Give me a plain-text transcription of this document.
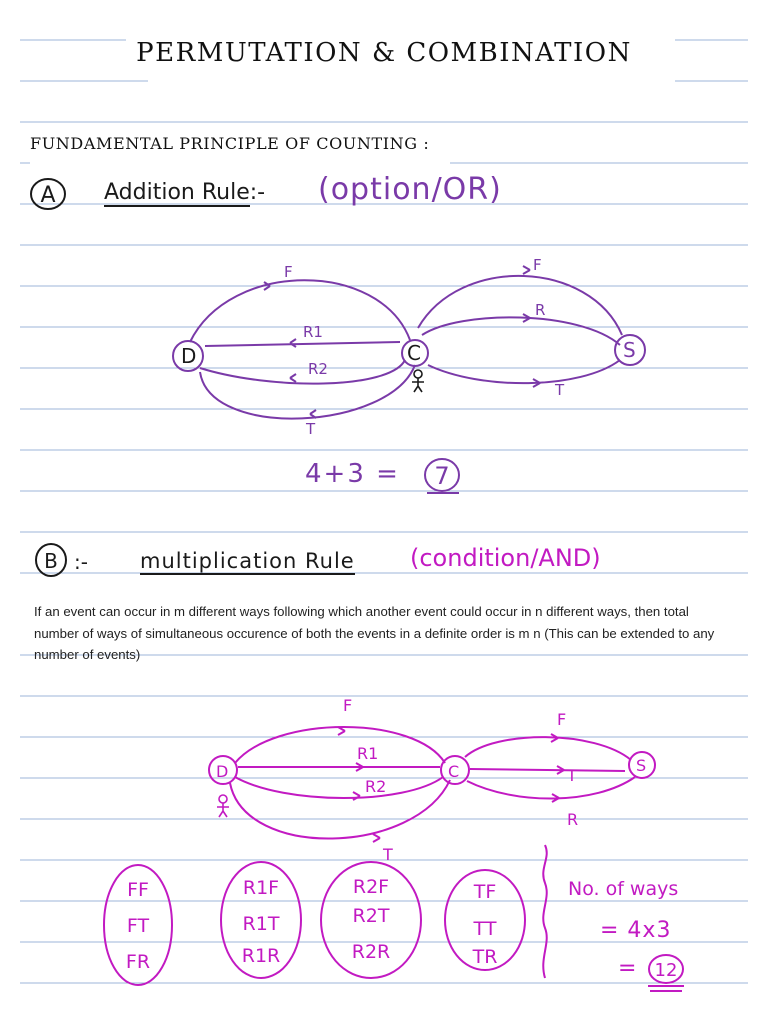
PERMUTATION & COMBINATION
FUNDAMENTAL PRINCIPLE OF COUNTING :
A Addition Rule:- (option/OR)
D	C	S
F
R1
R2
T
F
R
T
4+3 = 7
B :- multiplication Rule (condition/AND)
If an event can occur in m different ways following which another event could occur in n different ways, then total number of ways of simultaneous occurence of both the events in a definite order is m n (This can be extended to any number of events)
D	C	S
F
R1
R2
T
F
T
R
FF
FT
FR
R1F
R1T
R1R
R2F
R2T
R2R
TF
TT
TR
No. of ways
= 4x3
= 12
